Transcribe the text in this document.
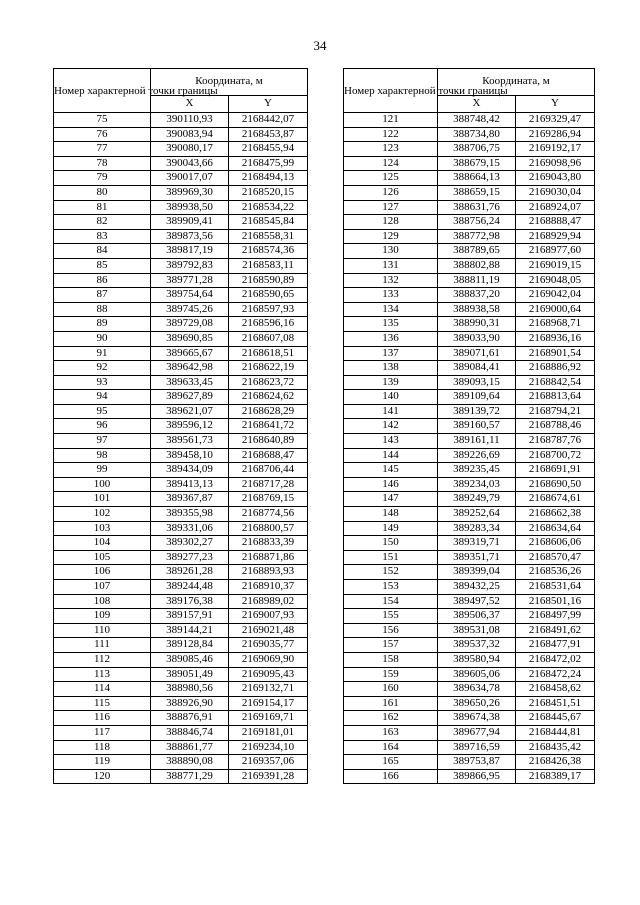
34
Номер характерной точки границы	Координата, м	
	X	Y
75	390110,93	2168442,07
76	390083,94	2168453,87
77	390080,17	2168455,94
78	390043,66	2168475,99
79	390017,07	2168494,13
80	389969,30	2168520,15
81	389938,50	2168534,22
82	389909,41	2168545,84
83	389873,56	2168558,31
84	389817,19	2168574,36
85	389792,83	2168583,11
86	389771,28	2168590,89
87	389754,64	2168590,65
88	389745,26	2168597,93
89	389729,08	2168596,16
90	389690,85	2168607,08
91	389665,67	2168618,51
92	389642,98	2168622,19
93	389633,45	2168623,72
94	389627,89	2168624,62
95	389621,07	2168628,29
96	389596,12	2168641,72
97	389561,73	2168640,89
98	389458,10	2168688,47
99	389434,09	2168706,44
100	389413,13	2168717,28
101	389367,87	2168769,15
102	389355,98	2168774,56
103	389331,06	2168800,57
104	389302,27	2168833,39
105	389277,23	2168871,86
106	389261,28	2168893,93
107	389244,48	2168910,37
108	389176,38	2168989,02
109	389157,91	2169007,93
110	389144,21	2169021,48
111	389128,84	2169035,77
112	389085,46	2169069,90
113	389051,49	2169095,43
114	388980,56	2169132,71
115	388926,90	2169154,17
116	388876,91	2169169,71
117	388846,74	2169181,01
118	388861,77	2169234,10
119	388890,08	2169357,06
120	388771,29	2169391,28
Номер характерной точки границы	Координата, м	
	X	Y
121	388748,42	2169329,47
122	388734,80	2169286,94
123	388706,75	2169192,17
124	388679,15	2169098,96
125	388664,13	2169043,80
126	388659,15	2169030,04
127	388631,76	2168924,07
128	388756,24	2168888,47
129	388772,98	2168929,94
130	388789,65	2168977,60
131	388802,88	2169019,15
132	388811,19	2169048,05
133	388837,20	2169042,04
134	388938,58	2169000,64
135	388990,31	2168968,71
136	389033,90	2168936,16
137	389071,61	2168901,54
138	389084,41	2168886,92
139	389093,15	2168842,54
140	389109,64	2168813,64
141	389139,72	2168794,21
142	389160,57	2168788,46
143	389161,11	2168787,76
144	389226,69	2168700,72
145	389235,45	2168691,91
146	389234,03	2168690,50
147	389249,79	2168674,61
148	389252,64	2168662,38
149	389283,34	2168634,64
150	389319,71	2168606,06
151	389351,71	2168570,47
152	389399,04	2168536,26
153	389432,25	2168531,64
154	389497,52	2168501,16
155	389506,37	2168497,99
156	389531,08	2168491,62
157	389537,32	2168477,91
158	389580,94	2168472,02
159	389605,06	2168472,24
160	389634,78	2168458,62
161	389650,26	2168451,51
162	389674,38	2168445,67
163	389677,94	2168444,81
164	389716,59	2168435,42
165	389753,87	2168426,38
166	389866,95	2168389,17
